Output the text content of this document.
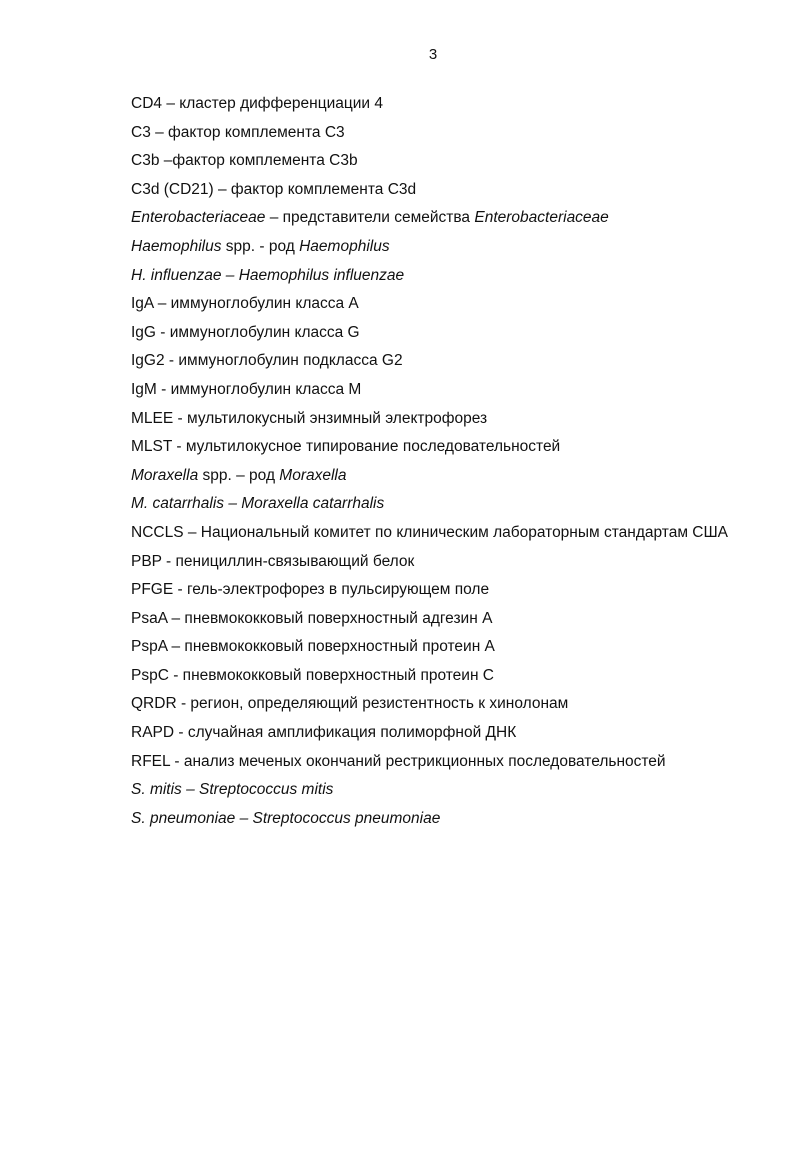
3
CD4 – кластер дифференциации 4
C3 – фактор комплемента C3
C3b –фактор комплемента C3b
C3d (CD21) – фактор комплемента C3d
Enterobacteriaceae – представители семейства Enterobacteriaceae
Haemophilus spp. - род Haemophilus
H. influenzae – Haemophilus influenzae
IgA – иммуноглобулин класса A
IgG - иммуноглобулин класса G
IgG2 - иммуноглобулин подкласса G2
IgM - иммуноглобулин класса M
MLEE - мультилокусный энзимный электрофорез
MLST - мультилокусное типирование последовательностей
Moraxella spp. – род Moraxella
M. catarrhalis – Moraxella catarrhalis
NCCLS – Национальный комитет по клиническим лабораторным стандартам США
PBP - пенициллин-связывающий белок
PFGE - гель-электрофорез в пульсирующем поле
PsaA – пневмококковый поверхностный адгезин A
PspA – пневмококковый поверхностный протеин A
PspC - пневмококковый поверхностный протеин C
QRDR - регион, определяющий резистентность к хинолонам
RAPD - случайная амплификация полиморфной ДНК
RFEL - анализ меченых окончаний рестрикционных последовательностей
S. mitis – Streptococcus mitis
S. pneumoniae – Streptococcus pneumoniae
